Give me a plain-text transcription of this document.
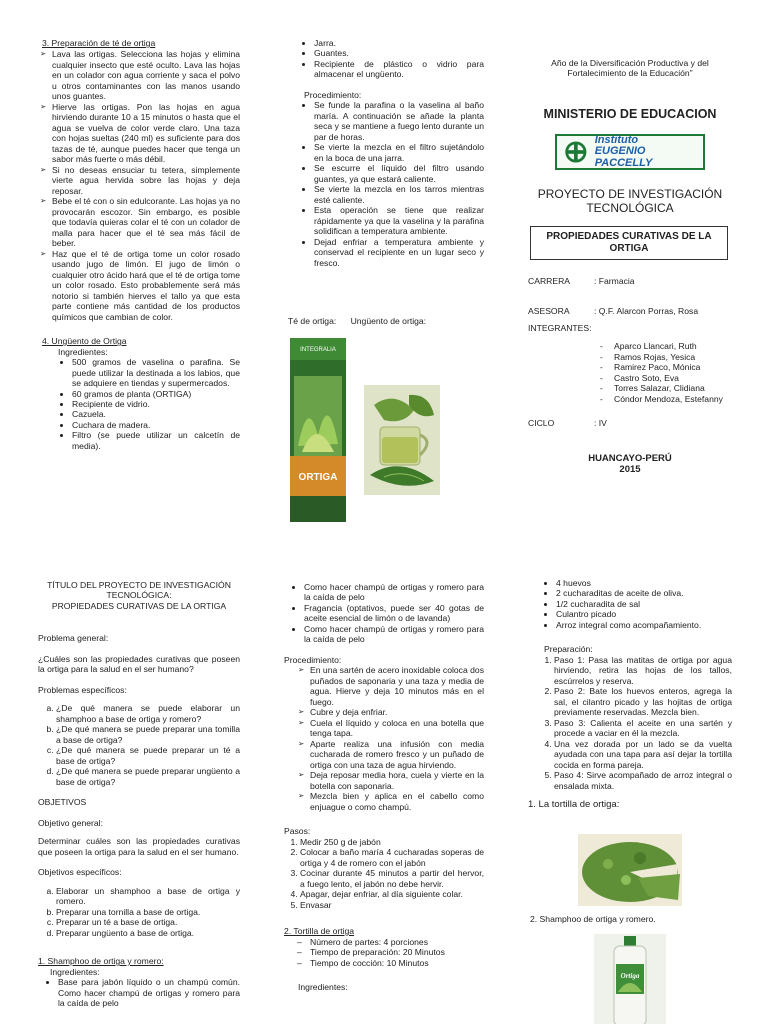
3. Preparación de té de ortiga
➢ Lava las ortigas. Selecciona las hojas y elimina cualquier insecto que esté oculto. Lava las hojas en un colador con agua corriente y saca el polvo u otros contaminantes con las manos usando unos guantes.
➢ Hierve las ortigas. Pon las hojas en agua hirviendo durante 10 a 15 minutos o hasta que el agua se vuelva de color verde claro. Una taza con hojas sueltas (240 ml) es suficiente para dos tazas de té, aunque puedes hacer que tenga un sabor más fuerte o más débil.
➢ Si no deseas ensuciar tu tetera, simplemente vierte agua hervida sobre las hojas y deja reposar.
➢ Bebe el té con o sin edulcorante. Las hojas ya no provocarán escozor. Sin embargo, es posible que todavía quieras colar el té con un colador de malla para hacer que el té sea más fácil de beber.
➢ Haz que el té de ortiga tome un color rosado usando jugo de limón. El jugo de limón o cualquier otro ácido hará que el té de ortiga tome un color rosado. Esto probablemente será más notorio si también hierves el tallo ya que esta parte contiene más cantidad de los productos químicos que cambian de color.
4. Ungüento de Ortiga
Ingredientes:
• 500 gramos de vaselina o parafina. Se puede utilizar la destinada a los labios, que se adquiere en tiendas y supermercados.
• 60 gramos de planta (ORTIGA)
• Recipiente de vidrio.
• Cazuela.
• Cuchara de madera.
• Filtro (se puede utilizar un calcetín de media).
• Jarra.
• Guantes.
• Recipiente de plástico o vidrio para almacenar el ungüento.
Procedimiento:
• Se funde la parafina o la vaselina al baño maría. A continuación se añade la planta seca y se mantiene a fuego lento durante un par de horas.
• Se vierte la mezcla en el filtro sujetándolo en la boca de una jarra.
• Se escurre el líquido del filtro usando guantes, ya que estará caliente.
• Se vierte la mezcla en los tarros mientras esté caliente.
• Esta operación se tiene que realizar rápidamente ya que la vaselina y la parafina solidifican a temperatura ambiente.
• Dejad enfriar a temperatura ambiente y conservad el recipiente en un lugar seco y fresco.
Té de ortiga:      Ungüento de ortiga:
INTEGRALIA
ORTIGA
Año de la Diversificación Productiva y del
Fortalecimiento de la Educación”
MINISTERIO DE EDUCACION
Instituto
EUGENIO PACCELLY
PROYECTO DE INVESTIGACIÓN
TECNOLÓGICA
PROPIEDADES CURATIVAS DE LA
ORTIGA
CARRERA	: Farmacia
ASESORA	: Q.F. Alarcon Porras, Rosa
INTEGRANTES:
- Aparco Llancari, Ruth
- Ramos Rojas, Yesica
- Ramirez Paco, Mónica
- Castro Soto, Eva
- Torres Salazar, Clidiana
- Cóndor Mendoza, Estefanny
CICLO	: IV
HUANCAYO-PERÚ
2015
TÍTULO DEL PROYECTO DE INVESTIGACIÓN
TECNOLÓGICA:
PROPIEDADES CURATIVAS DE LA ORTIGA
Problema general:
¿Cuáles son las propiedades curativas que poseen la ortiga para la salud en el ser humano?
Problemas específicos:
a. ¿De qué manera se puede elaborar un shamphoo a base de ortiga y romero?
b. ¿De qué manera se puede preparar una tomilla a base de ortiga?
c. ¿De qué manera se puede preparar un té a base de ortiga?
d. ¿De qué manera se puede preparar ungüento a base de ortiga?
OBJETIVOS
Objetivo general:
Determinar cuáles son las propiedades curativas que poseen la ortiga para la salud en el ser humano.
Objetivos específicos:
a. Elaborar un shamphoo a base de ortiga y romero.
b. Preparar una tornilla a base de ortiga.
c. Preparar un té a base de ortiga.
d. Preparar ungüento a base de ortiga.
1. Shamphoo de ortiga y romero:
Ingredientes:
• Base para jabón líquido o un champú común. Como hacer champú de ortigas y romero para la caída de pelo
• Como hacer champú de ortigas y romero para la caída de pelo
• Fragancia (optativos, puede ser 40 gotas de aceite esencial de limón o de lavanda)
• Como hacer champú de ortigas y romero para la caída de pelo
Procedimiento:
➢ En una sartén de acero inoxidable coloca dos puñados de saponaria y una taza y media de agua. Hierve y deja 10 minutos más en el fuego.
➢ Cubre y deja enfriar.
➢ Cuela el líquido y coloca en una botella que tenga tapa.
➢ Aparte realiza una infusión con media cucharada de romero fresco y un puñado de ortiga con una taza de agua hirviendo.
➢ Deja reposar media hora, cuela y vierte en la botella con saponaria.
➢ Mezcla bien y aplica en el cabello como enjuague o como champú.
Pasos:
1. Medir 250 g de jabón
2. Colocar a baño maría 4 cucharadas soperas de ortiga y 4 de romero con el jabón
3. Cocinar durante 45 minutos a partir del hervor, a fuego lento, el jabón no debe hervir.
4. Apagar, dejar enfriar, al día siguiente colar.
5. Envasar
2. Tortilla de ortiga
– Número de partes: 4 porciones
– Tiempo de preparación: 20 Minutos
– Tiempo de cocción: 10 Minutos
Ingredientes:
• 4 huevos
• 2 cucharaditas de aceite de oliva.
• 1/2 cucharadita de sal
• Culantro picado
• Arroz integral como acompañamiento.
Preparación:
1. Paso 1: Pasa las matitas de ortiga por agua hirviendo, retira las hojas de los tallos, escúrrelos y reserva.
2. Paso 2: Bate los huevos enteros, agrega la sal, el cilantro picado y las hojitas de ortiga previamente reservadas. Mezcla bien.
3. Paso 3: Calienta el aceite en una sartén y procede a vaciar en él la mezcla.
4. Una vez dorada por un lado se da vuelta ayudada con una tapa para así dejar la tortilla cocida en forma pareja.
5. Paso 4: Sirve acompañado de arroz integral o ensalada mixta.
1. La tortilla de ortiga:
2. Shamphoo de ortiga y romero.
Ortiga
